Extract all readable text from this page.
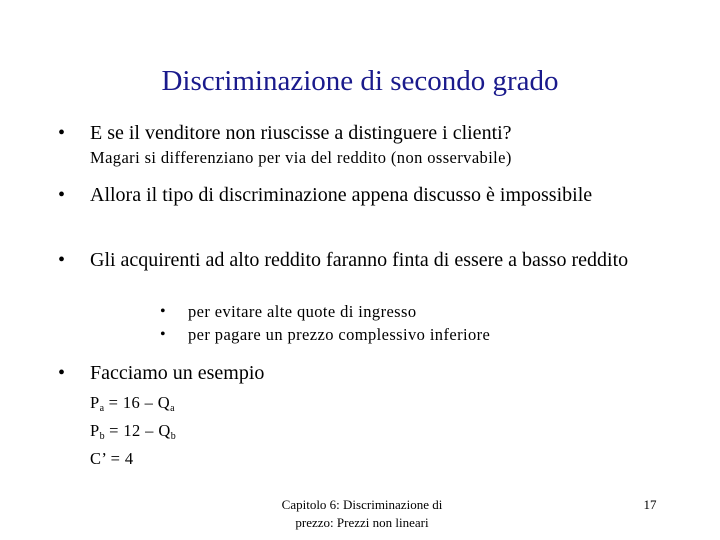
Discriminazione di secondo grado
• E se il venditore non riuscisse a distinguere i clienti?
Magari si differenziano per via del reddito (non osservabile)
• Allora il tipo di discriminazione appena discusso è impossibile
• Gli acquirenti ad alto reddito faranno finta di essere a basso reddito
• per evitare alte quote di ingresso
• per pagare un prezzo complessivo inferiore
• Facciamo un esempio
$P_a = 16 - Q_a$
$P_b = 12 - Q_b$
C’ = 4
Capitolo 6: Discriminazione di prezzo: Prezzi non lineari
17
